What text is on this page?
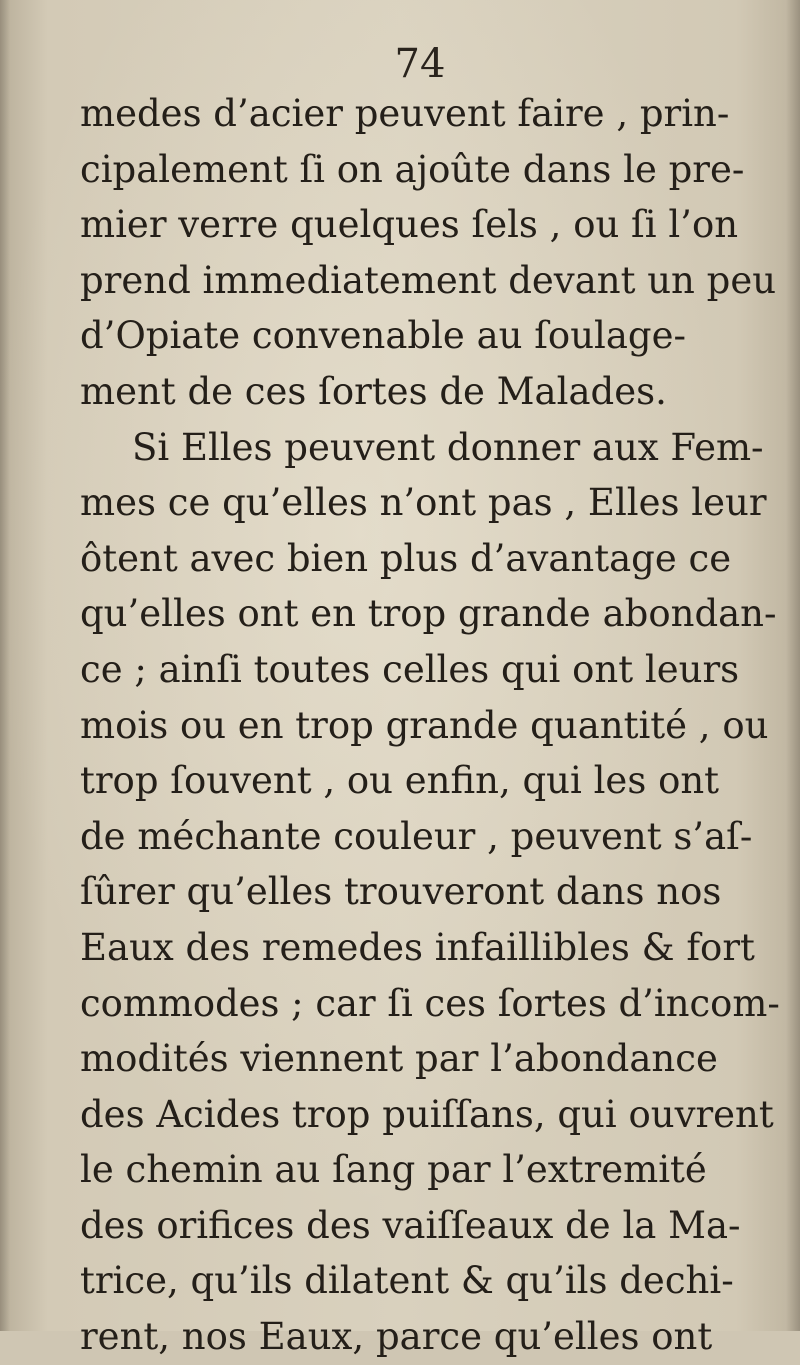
74
medes d’acier peuvent faire , prin-
cipalement ſi on ajoûte dans le pre-
mier verre quelques ſels , ou ſi l’on
prend immediatement devant un peu
d’Opiate convenable au ſoulage-
ment de ces ſortes de Malades.
Si Elles peuvent donner aux Fem-
mes ce qu’elles n’ont pas , Elles leur
ôtent avec bien plus d’avantage ce
qu’elles ont en trop grande abondan-
ce ; ainſi toutes celles qui ont leurs
mois ou en trop grande quantité , ou
trop ſouvent , ou enfin, qui les ont
de méchante couleur , peuvent s’aſ-
ſûrer qu’elles trouveront dans nos
Eaux des remedes infaillibles & fort
commodes ; car ſi ces ſortes d’incom-
modités viennent par l’abondance
des Acides trop puiſſans, qui ouvrent
le chemin au ſang par l’extremité
des orifices des vaiſſeaux de la Ma-
trice, qu’ils dilatent & qu’ils dechi-
rent, nos Eaux, parce qu’elles ont
